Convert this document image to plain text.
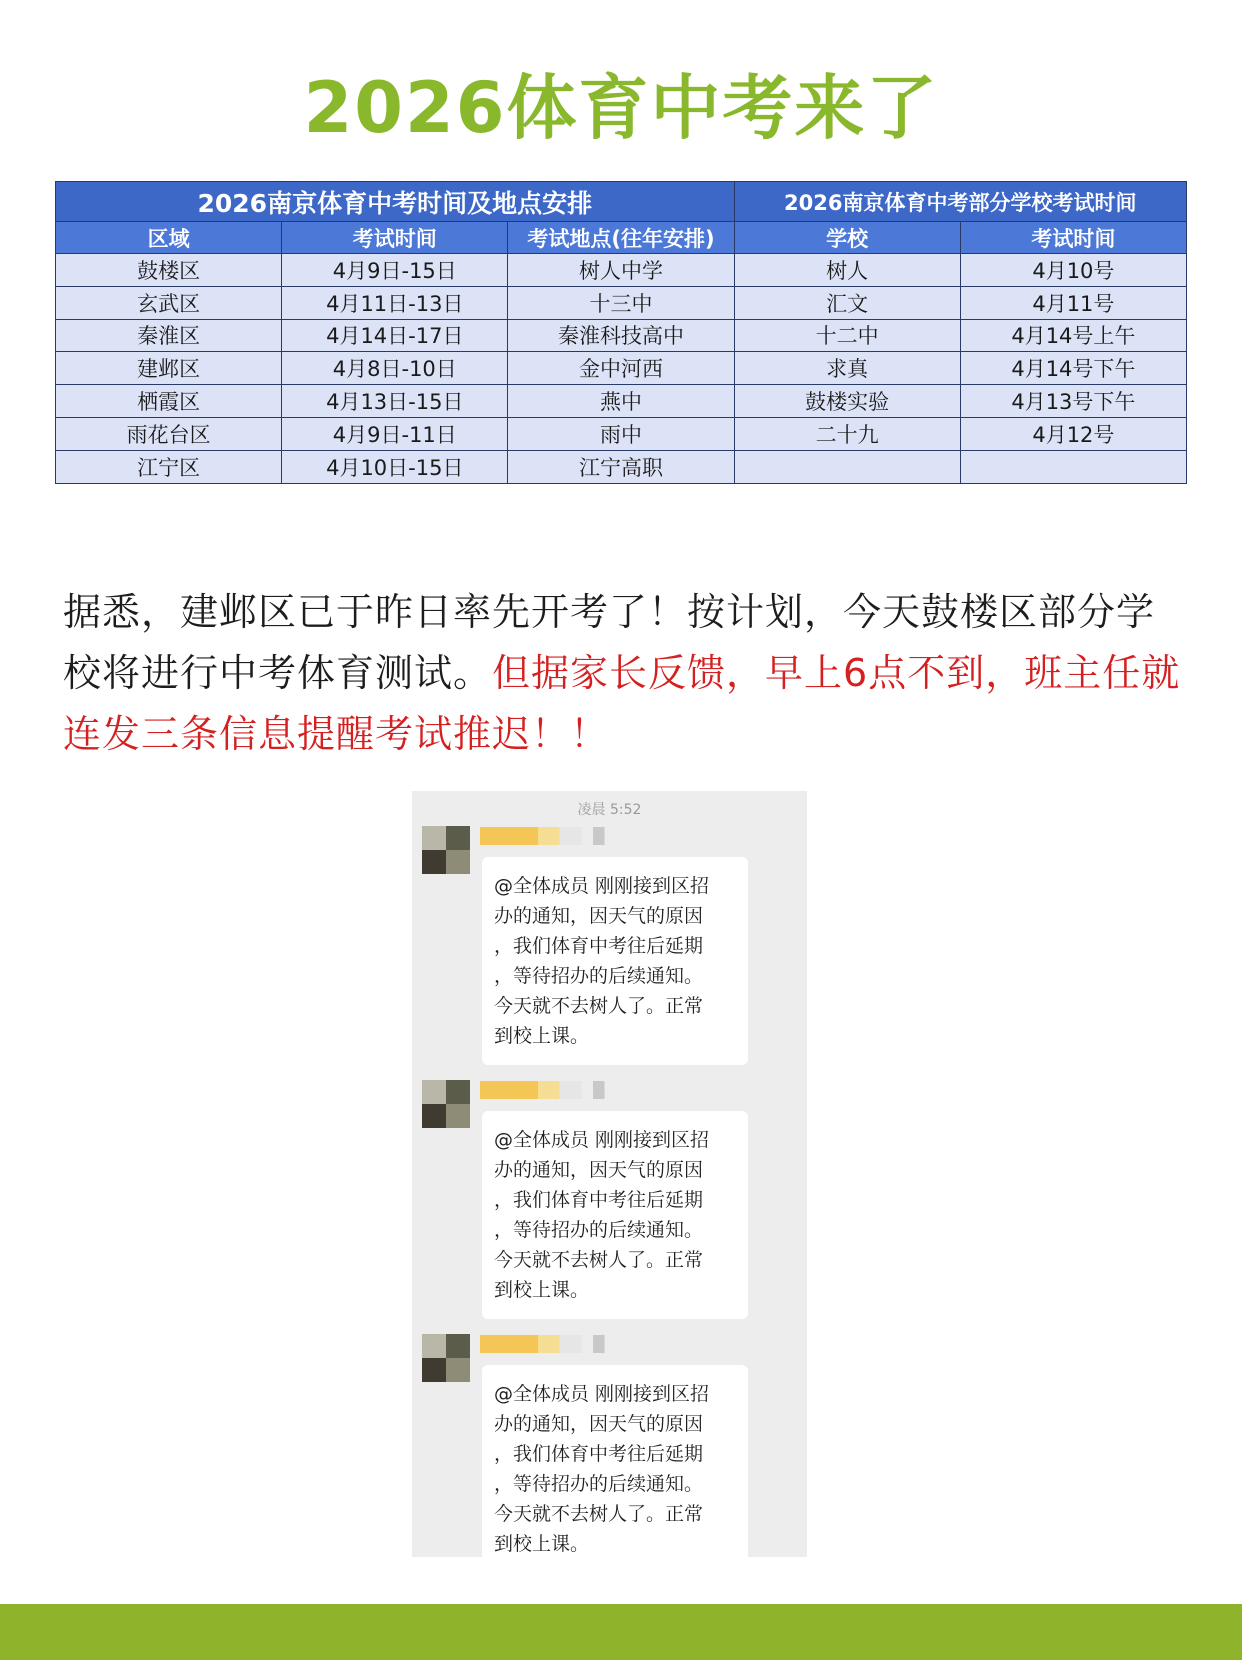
2026体育中考来了
2026南京体育中考时间及地点安排			2026南京体育中考部分学校考试时间	
区域	考试时间	考试地点(往年安排)	学校	考试时间
鼓楼区	4月9日-15日	树人中学	树人	4月10号
玄武区	4月11日-13日	十三中	汇文	4月11号
秦淮区	4月14日-17日	秦淮科技高中	十二中	4月14号上午
建邺区	4月8日-10日	金中河西	求真	4月14号下午
栖霞区	4月13日-15日	燕中	鼓楼实验	4月13号下午
雨花台区	4月9日-11日	雨中	二十九	4月12号
江宁区	4月10日-15日	江宁高职		
据悉，建邺区已于昨日率先开考了！按计划，今天鼓楼区部分学校将进行中考体育测试。但据家长反馈，早上6点不到，班主任就连发三条信息提醒考试推迟！！
凌晨 5:52
@全体成员 刚刚接到区招
办的通知，因天气的原因
，我们体育中考往后延期
，等待招办的后续通知。
今天就不去树人了。正常
到校上课。
@全体成员 刚刚接到区招
办的通知，因天气的原因
，我们体育中考往后延期
，等待招办的后续通知。
今天就不去树人了。正常
到校上课。
@全体成员 刚刚接到区招
办的通知，因天气的原因
，我们体育中考往后延期
，等待招办的后续通知。
今天就不去树人了。正常
到校上课。
